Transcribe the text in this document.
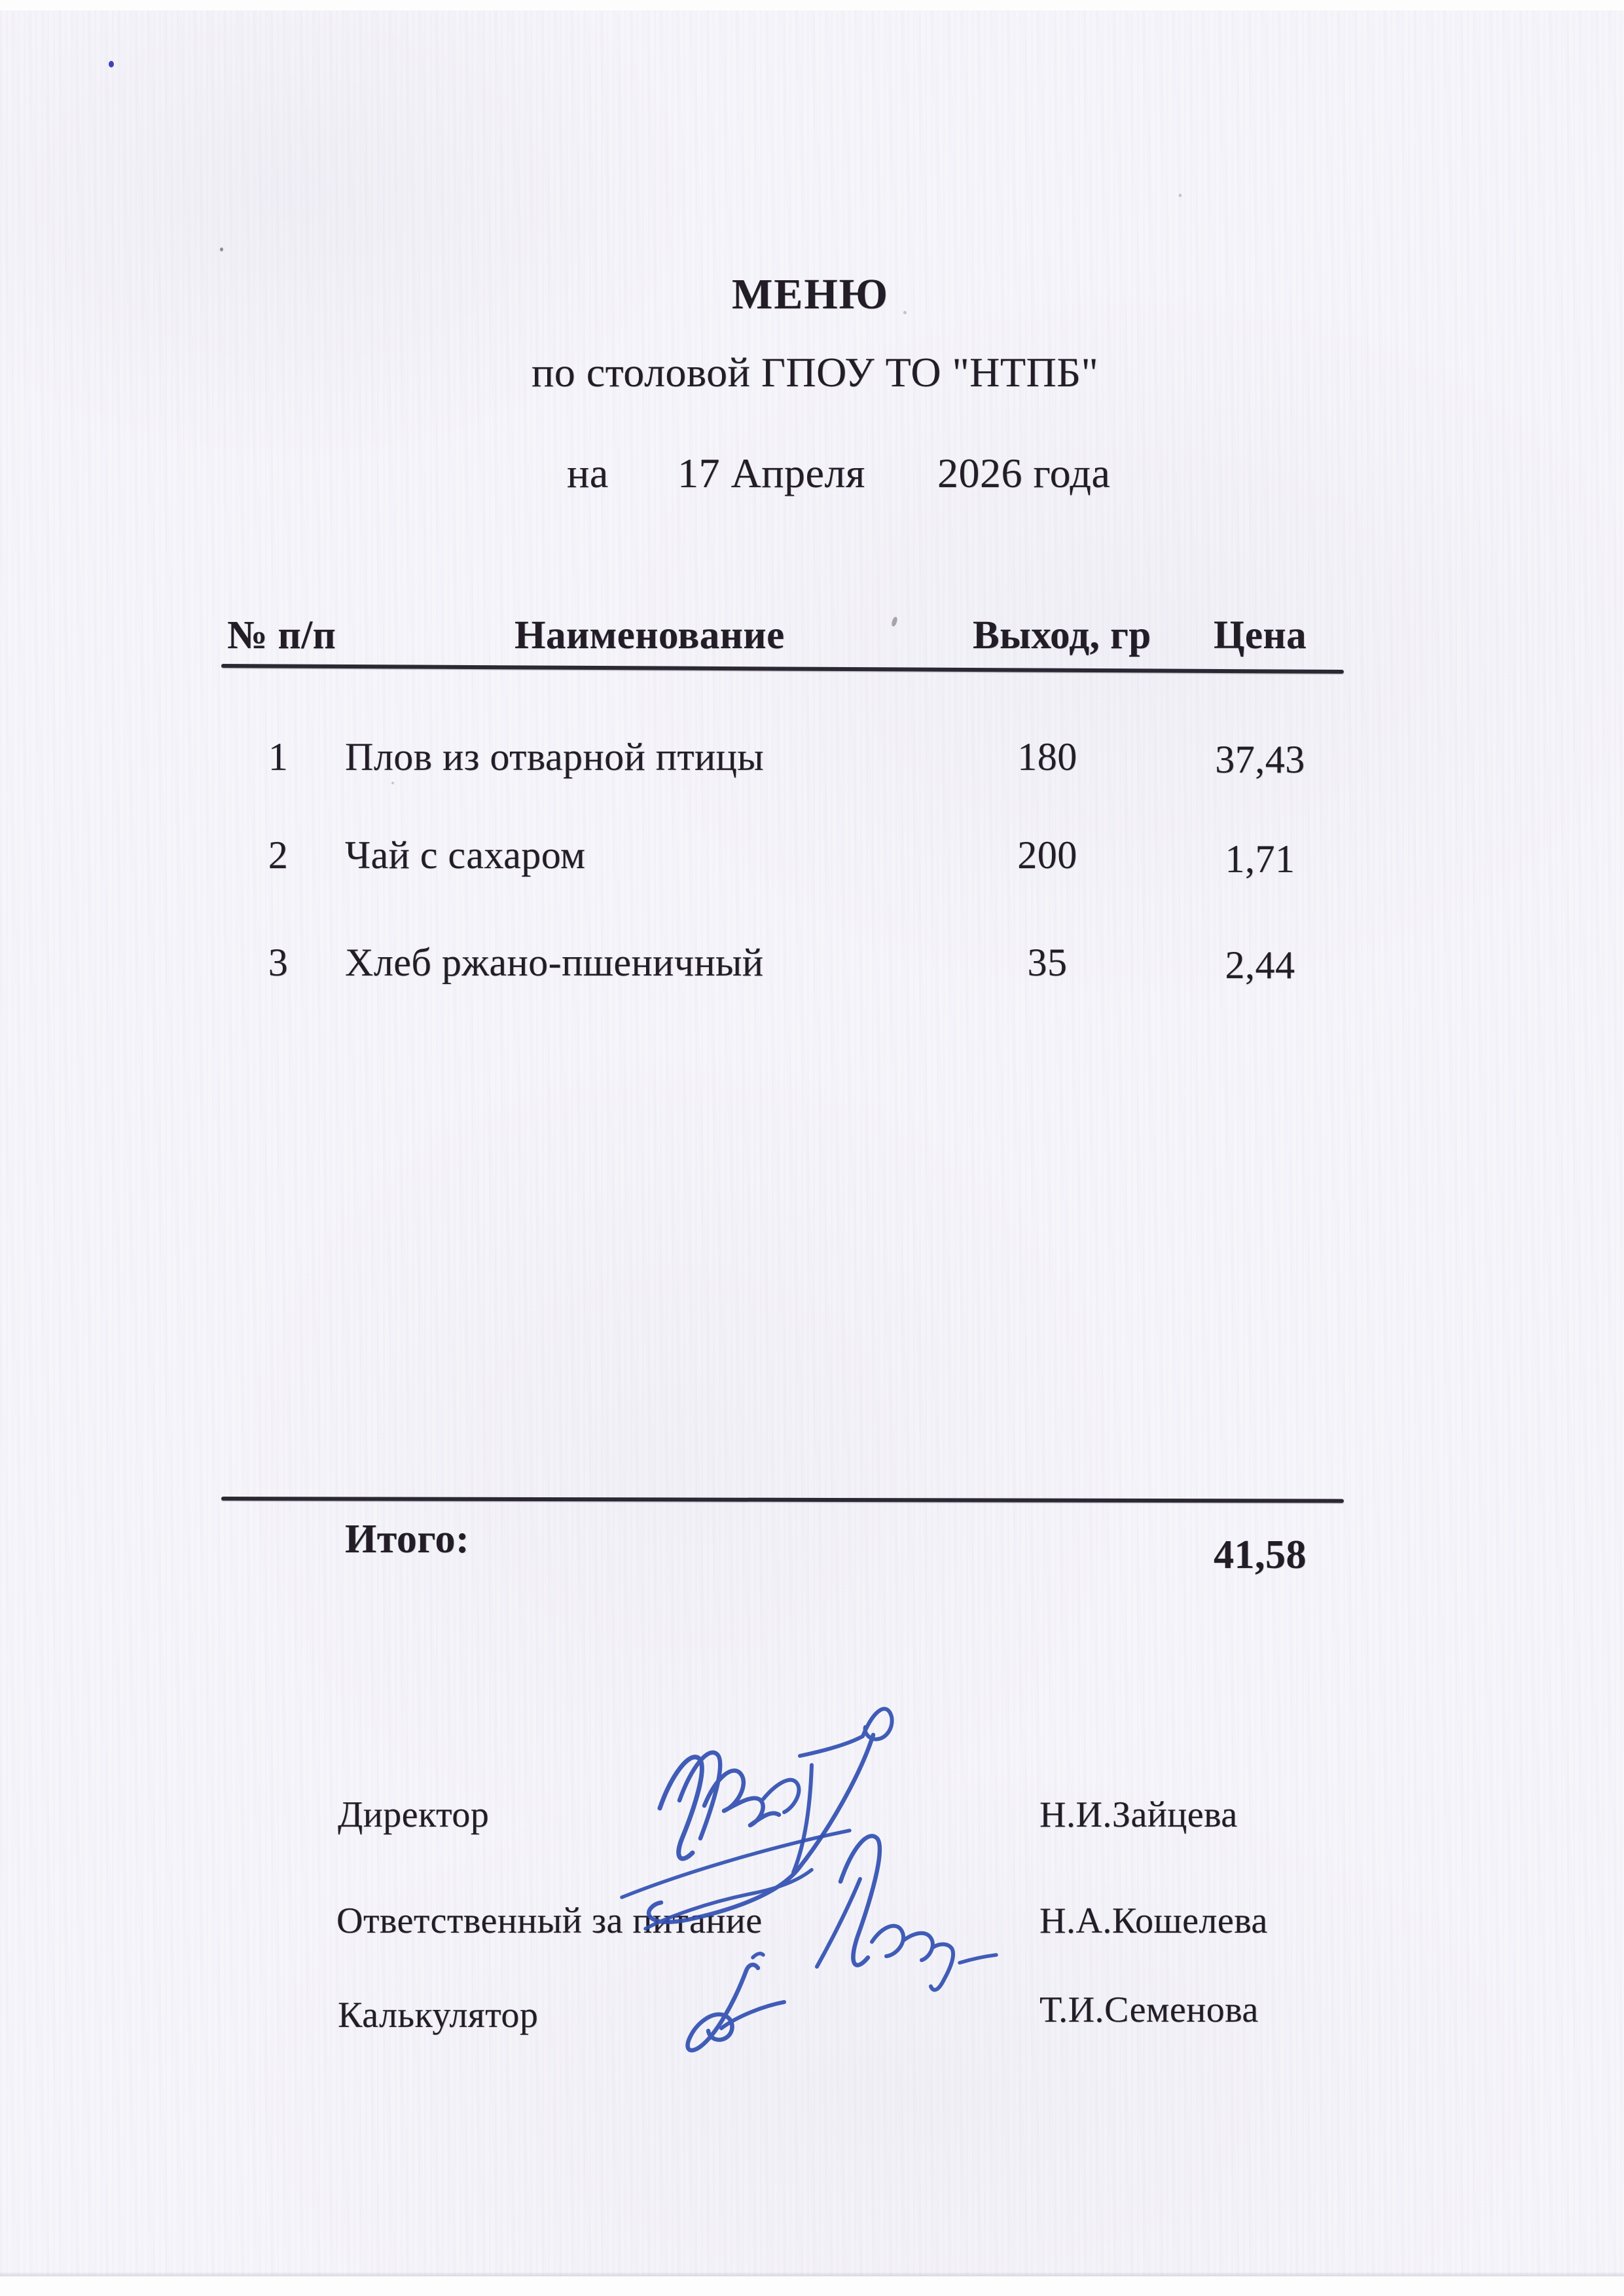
МЕНЮ
по столовой ГПОУ ТО "НТПБ"
на 17 Апреля 2026 года
№ п/п	Наименование	Выход, гр	Цена
1	Плов из отварной птицы	180	37,43
2	Чай с сахаром	200	1,71
3	Хлеб ржано-пшеничный	35	2,44
Итого:	41,58
Директор	Н.И.Зайцева
Ответственный за питание	Н.А.Кошелева
Калькулятор	Т.И.Семенова
